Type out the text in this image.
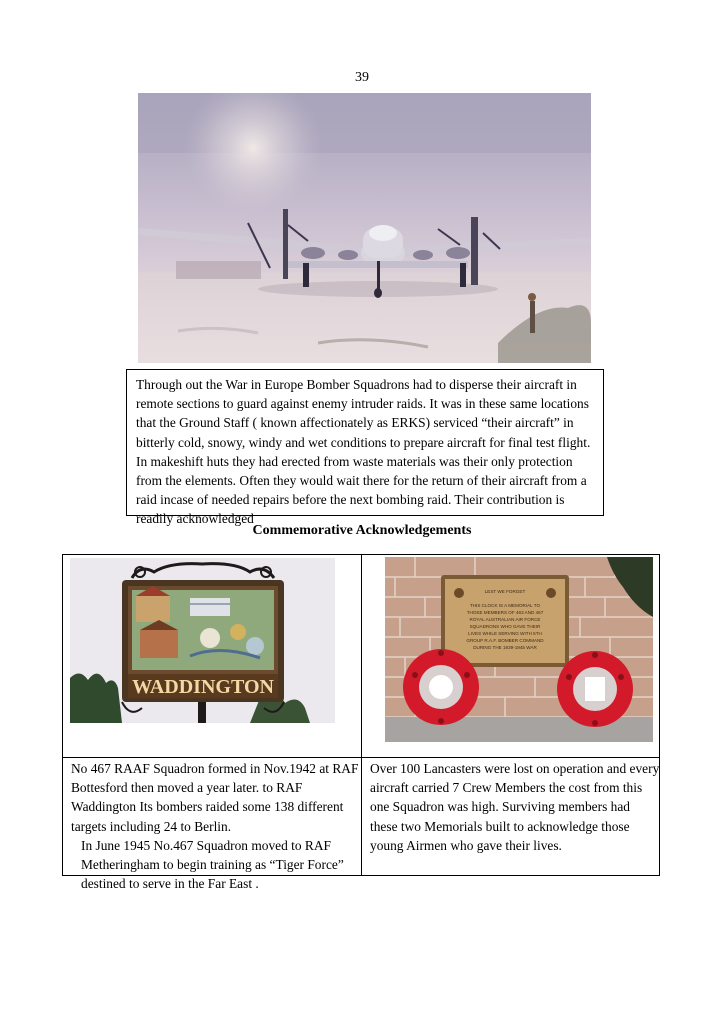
39
Through out the War in Europe Bomber Squadrons had to disperse their aircraft in remote sections to guard against enemy intruder raids. It was in these same locations that the Ground Staff ( known affectionately as ERKS) serviced “their aircraft” in bitterly cold, snowy, windy and wet conditions to prepare aircraft for final test flight. In makeshift huts they had erected from waste materials was their only protection from the elements. Often they would wait there for the return of their aircraft from a raid incase of needed repairs before the next bombing raid. Their contribution is readily acknowledged
Commemorative Acknowledgements
WADDINGTON
LEST WE FORGET
THIS CLOCK IS A MEMORIAL TO
THOSE MEMBERS OF 463 AND 467
ROYAL AUSTRALIAN AIR FORCE
SQUADRONS WHO GAVE THEIR
LIVES WHILE SERVING WITH 5TH
GROUP R.A.F. BOMBER COMMAND
DURING THE 1939-1945 WAR
No 467 RAAF Squadron formed in Nov.1942 at RAF Bottesford then moved a year later. to RAF Waddington Its bombers raided some 138 different targets including 24 to Berlin.
In June 1945 No.467 Squadron moved to RAF Metheringham to begin training as “Tiger Force” destined to serve in the Far East .
Over 100 Lancasters were lost on operation and every aircraft carried 7 Crew Members the cost from this one Squadron was high. Surviving members had these two Memorials built to acknowledge those young Airmen who gave their lives.
